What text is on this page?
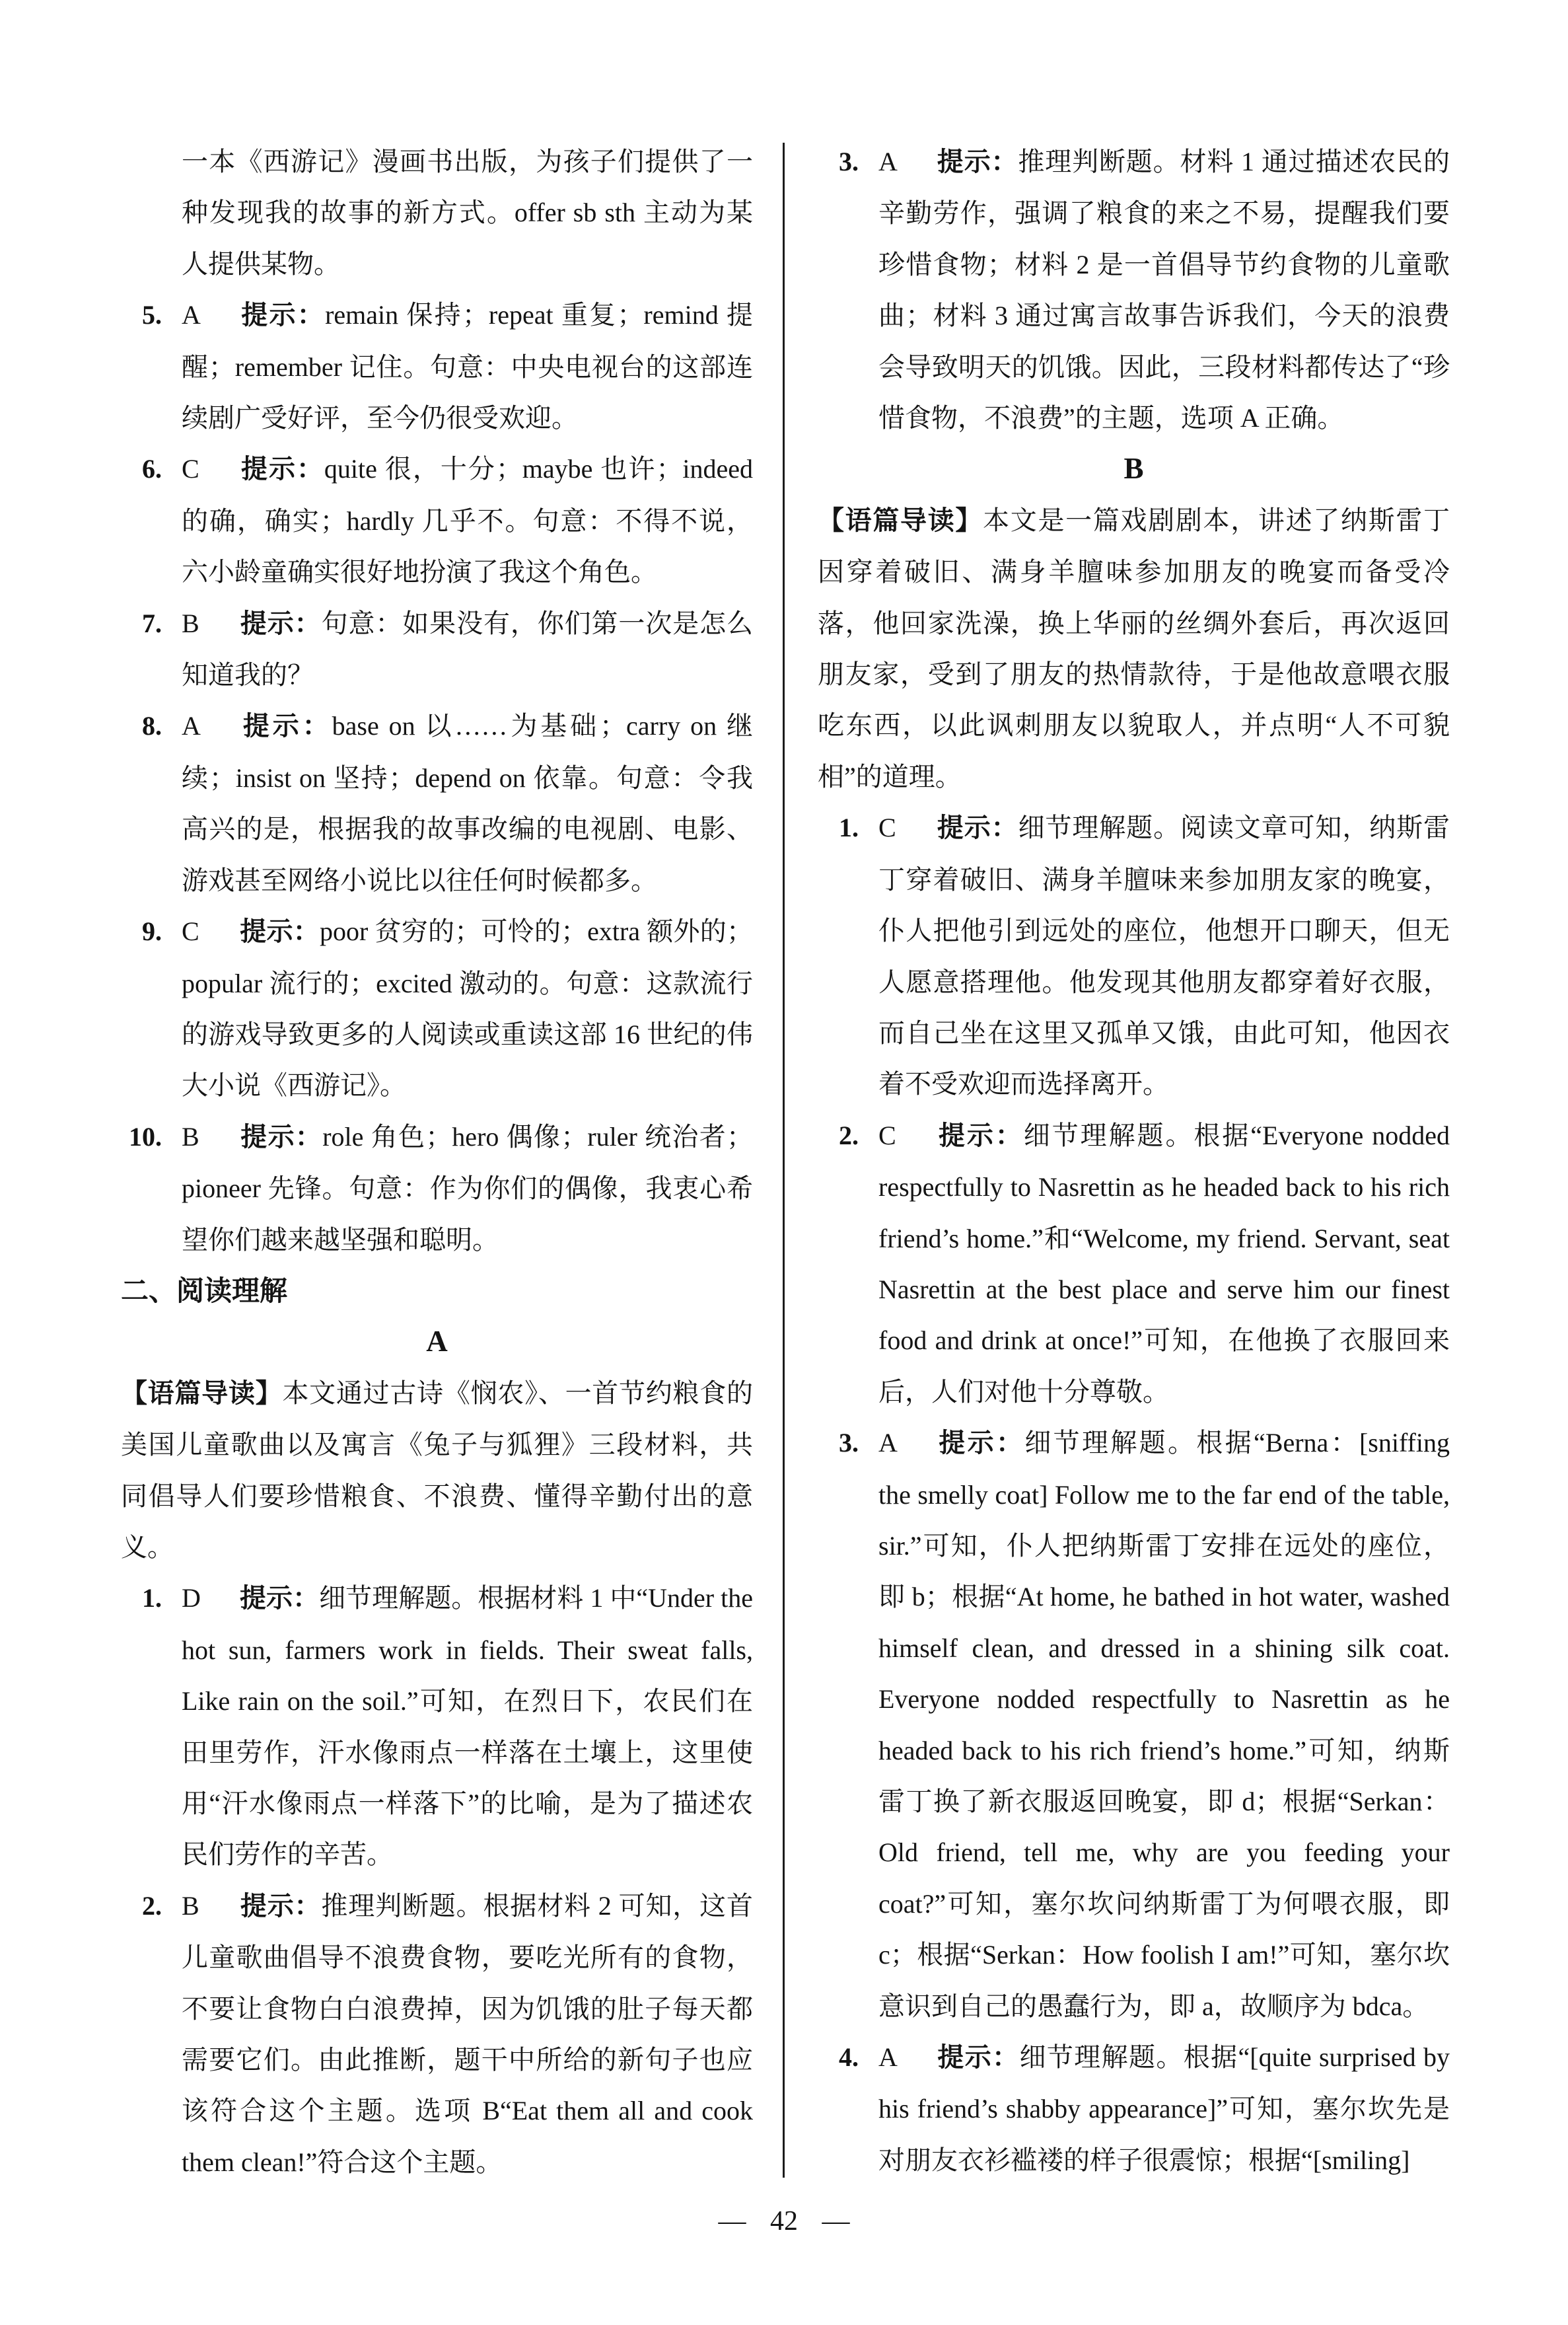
一本《西游记》漫画书出版，为孩子们提供了一种发现我的故事的新方式。offer sb sth 主动为某人提供某物。
5. A 提示：remain 保持；repeat 重复；remind 提醒；remember 记住。句意：中央电视台的这部连续剧广受好评，至今仍很受欢迎。
6. C 提示：quite 很，十分；maybe 也许；indeed 的确，确实；hardly 几乎不。句意：不得不说，六小龄童确实很好地扮演了我这个角色。
7. B 提示：句意：如果没有，你们第一次是怎么知道我的？
8. A 提示：base on 以……为基础；carry on 继续；insist on 坚持；depend on 依靠。句意：令我高兴的是，根据我的故事改编的电视剧、电影、游戏甚至网络小说比以往任何时候都多。
9. C 提示：poor 贫穷的；可怜的；extra 额外的；popular 流行的；excited 激动的。句意：这款流行的游戏导致更多的人阅读或重读这部 16 世纪的伟大小说《西游记》。
10. B 提示：role 角色；hero 偶像；ruler 统治者；pioneer 先锋。句意：作为你们的偶像，我衷心希望你们越来越坚强和聪明。
二、阅读理解
A
【语篇导读】本文通过古诗《悯农》、一首节约粮食的美国儿童歌曲以及寓言《兔子与狐狸》三段材料，共同倡导人们要珍惜粮食、不浪费、懂得辛勤付出的意义。
1. D 提示：细节理解题。根据材料 1 中“Under the hot sun, farmers work in fields. Their sweat falls, Like rain on the soil.”可知，在烈日下，农民们在田里劳作，汗水像雨点一样落在土壤上，这里使用“汗水像雨点一样落下”的比喻，是为了描述农民们劳作的辛苦。
2. B 提示：推理判断题。根据材料 2 可知，这首儿童歌曲倡导不浪费食物，要吃光所有的食物，不要让食物白白浪费掉，因为饥饿的肚子每天都需要它们。由此推断，题干中所给的新句子也应该符合这个主题。选项 B“Eat them all and cook them clean!”符合这个主题。
3. A 提示：推理判断题。材料 1 通过描述农民的辛勤劳作，强调了粮食的来之不易，提醒我们要珍惜食物；材料 2 是一首倡导节约食物的儿童歌曲；材料 3 通过寓言故事告诉我们，今天的浪费会导致明天的饥饿。因此，三段材料都传达了“珍惜食物，不浪费”的主题，选项 A 正确。
B
【语篇导读】本文是一篇戏剧剧本，讲述了纳斯雷丁因穿着破旧、满身羊膻味参加朋友的晚宴而备受冷落，他回家洗澡，换上华丽的丝绸外套后，再次返回朋友家，受到了朋友的热情款待，于是他故意喂衣服吃东西，以此讽刺朋友以貌取人，并点明“人不可貌相”的道理。
1. C 提示：细节理解题。阅读文章可知，纳斯雷丁穿着破旧、满身羊膻味来参加朋友家的晚宴，仆人把他引到远处的座位，他想开口聊天，但无人愿意搭理他。他发现其他朋友都穿着好衣服，而自己坐在这里又孤单又饿，由此可知，他因衣着不受欢迎而选择离开。
2. C 提示：细节理解题。根据“Everyone nodded respectfully to Nasrettin as he headed back to his rich friend’s home.”和“Welcome, my friend. Servant, seat Nasrettin at the best place and serve him our finest food and drink at once!”可知，在他换了衣服回来后，人们对他十分尊敬。
3. A 提示：细节理解题。根据“Berna：[sniffing the smelly coat] Follow me to the far end of the table, sir.”可知，仆人把纳斯雷丁安排在远处的座位，即 b；根据“At home, he bathed in hot water, washed himself clean, and dressed in a shining silk coat. Everyone nodded respectfully to Nasrettin as he headed back to his rich friend’s home.”可知，纳斯雷丁换了新衣服返回晚宴，即 d；根据“Serkan：Old friend, tell me, why are you feeding your coat?”可知，塞尔坎问纳斯雷丁为何喂衣服，即 c；根据“Serkan：How foolish I am!”可知，塞尔坎意识到自己的愚蠢行为，即 a，故顺序为 bdca。
4. A 提示：细节理解题。根据“[quite surprised by his friend’s shabby appearance]”可知，塞尔坎先是对朋友衣衫褴褛的样子很震惊；根据“[smiling]
— 42 —
